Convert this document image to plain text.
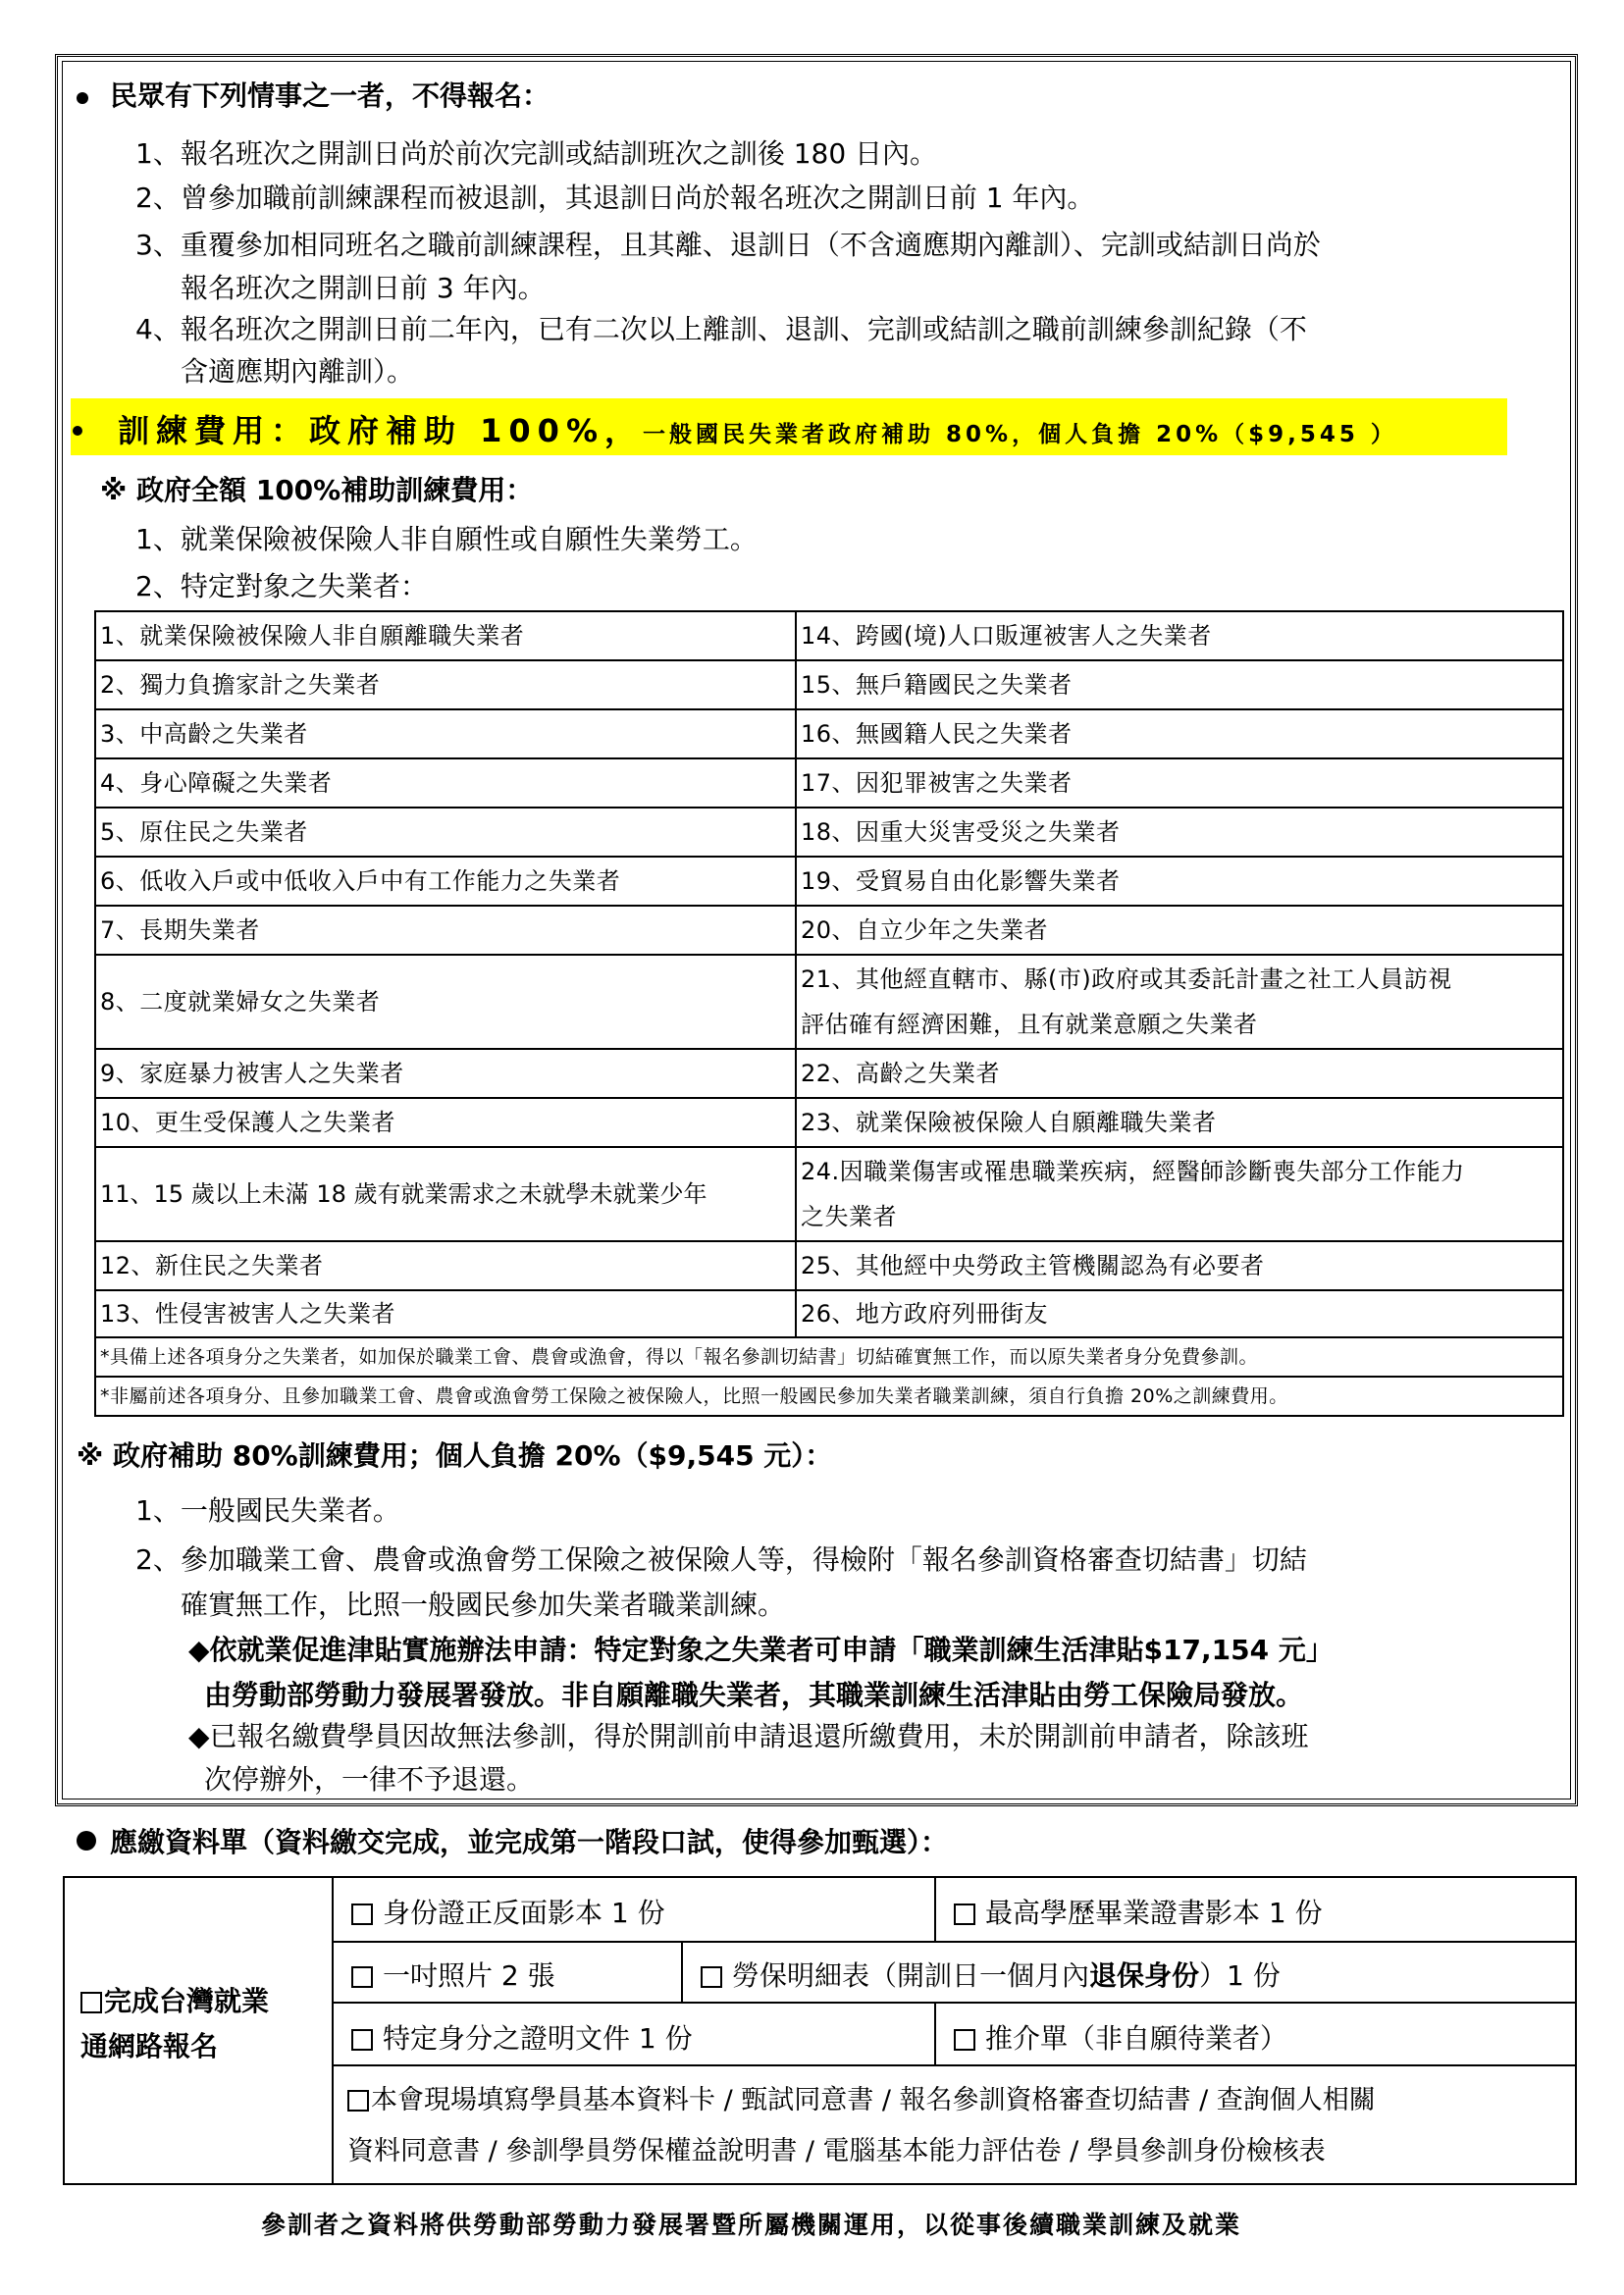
民眾有下列情事之一者，不得報名：
1、報名班次之開訓日尚於前次完訓或結訓班次之訓後 180 日內。
2、曾參加職前訓練課程而被退訓，其退訓日尚於報名班次之開訓日前 1 年內。
3、重覆參加相同班名之職前訓練課程，且其離、退訓日（不含適應期內離訓）、完訓或結訓日尚於
報名班次之開訓日前 3 年內。
4、報名班次之開訓日前二年內，已有二次以上離訓、退訓、完訓或結訓之職前訓練參訓紀錄（不
含適應期內離訓）。
訓練費用：政府補助 100%，一般國民失業者政府補助 80%，個人負擔 20%（$9,545 ）
※ 政府全額 100%補助訓練費用：
1、就業保險被保險人非自願性或自願性失業勞工。
2、特定對象之失業者：
1、就業保險被保險人非自願離職失業者	14、跨國(境)人口販運被害人之失業者
2、獨力負擔家計之失業者	15、無戶籍國民之失業者
3、中高齡之失業者	16、無國籍人民之失業者
4、身心障礙之失業者	17、因犯罪被害之失業者
5、原住民之失業者	18、因重大災害受災之失業者
6、低收入戶或中低收入戶中有工作能力之失業者	19、受貿易自由化影響失業者
7、長期失業者	20、自立少年之失業者
8、二度就業婦女之失業者	21、其他經直轄市、縣(市)政府或其委託計畫之社工人員訪視
評估確有經濟困難，且有就業意願之失業者

9、家庭暴力被害人之失業者	22、高齡之失業者
10、更生受保護人之失業者	23、就業保險被保險人自願離職失業者
11、15 歲以上未滿 18 歲有就業需求之未就學未就業少年	24.因職業傷害或罹患職業疾病，經醫師診斷喪失部分工作能力
之失業者

12、新住民之失業者	25、其他經中央勞政主管機關認為有必要者
13、性侵害被害人之失業者	26、地方政府列冊街友
*具備上述各項身分之失業者，如加保於職業工會、農會或漁會，得以「報名參訓切結書」切結確實無工作，而以原失業者身分免費參訓。	
*非屬前述各項身分、且參加職業工會、農會或漁會勞工保險之被保險人，比照一般國民參加失業者職業訓練，須自行負擔 20%之訓練費用。	
※ 政府補助 80%訓練費用；個人負擔 20%（$9,545 元）：
1、一般國民失業者。
2、參加職業工會、農會或漁會勞工保險之被保險人等，得檢附「報名參訓資格審查切結書」切結
確實無工作，比照一般國民參加失業者職業訓練。
◆依就業促進津貼實施辦法申請：特定對象之失業者可申請「職業訓練生活津貼$17,154 元」
由勞動部勞動力發展署發放。非自願離職失業者，其職業訓練生活津貼由勞工保險局發放。
◆已報名繳費學員因故無法參訓，得於開訓前申請退還所繳費用，未於開訓前申請者，除該班
次停辦外，一律不予退還。
應繳資料單（資料繳交完成，並完成第一階段口試，使得參加甄選）：
完成台灣就業
通網路報名
身份證正反面影本 1 份	最高學歷畢業證書影本 1 份
一吋照片 2 張	勞保明細表（開訓日一個月內退保身份）1 份
特定身分之證明文件 1 份	推介單（非自願待業者）
本會現場填寫學員基本資料卡 / 甄試同意書 / 報名參訓資格審查切結書 / 查詢個人相關
資料同意書 / 參訓學員勞保權益說明書 / 電腦基本能力評估卷 / 學員參訓身份檢核表
參訓者之資料將供勞動部勞動力發展署暨所屬機關運用，以從事後續職業訓練及就業
